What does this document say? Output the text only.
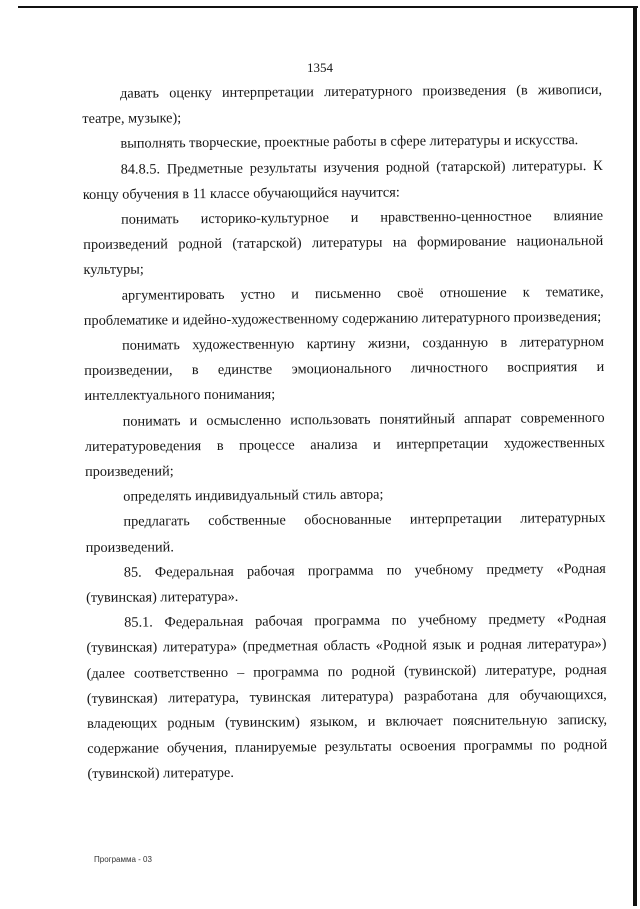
1354

давать оценку интерпретации литературного произведения (в живописи, театре, музыке);

выполнять творческие, проектные работы в сфере литературы и искусства.

84.8.5. Предметные результаты изучения родной (татарской) литературы. К концу обучения в 11 классе обучающийся научится:

понимать историко-культурное и нравственно-ценностное влияние произведений родной (татарской) литературы на формирование национальной культуры;

аргументировать устно и письменно своё отношение к тематике, проблематике и идейно-художественному содержанию литературного произведения;

понимать художественную картину жизни, созданную в литературном произведении, в единстве эмоционального личностного восприятия и интеллектуального понимания;

понимать и осмысленно использовать понятийный аппарат современного литературоведения в процессе анализа и интерпретации художественных произведений;

определять индивидуальный стиль автора;

предлагать собственные обоснованные интерпретации литературных произведений.

85. Федеральная рабочая программа по учебному предмету «Родная (тувинская) литература».

85.1. Федеральная рабочая программа по учебному предмету «Родная (тувинская) литература» (предметная область «Родной язык и родная литература») (далее соответственно – программа по родной (тувинской) литературе, родная (тувинская) литература, тувинская литература) разработана для обучающихся, владеющих родным (тувинским) языком, и включает пояснительную записку, содержание обучения, планируемые результаты освоения программы по родной (тувинской) литературе.

Программа - 03
